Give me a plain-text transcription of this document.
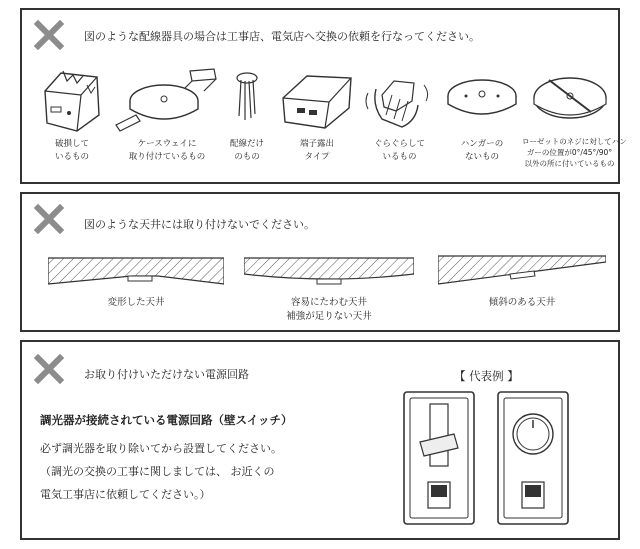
図のような配線器具の場合は工事店、電気店へ交換の依頼を行なってください。
破損して
いるもの
ケースウェイに
取り付けているもの
配線だけ
のもの
端子露出
タイプ
ぐらぐらして
いるもの
ハンガーの
ないもの
ローゼットのネジに対してハン
ガーの位置が0°/45°/90°
以外の所に付いているもの
図のような天井には取り付けないでください。
変形した天井	容易にたわむ天井
補強が足りない天井
傾斜のある天井
お取り付けいただけない電源回路
調光器が接続されている電源回路（壁スイッチ）
必ず調光器を取り除いてから設置してください。
（調光の交換の工事に関しましては、 お近くの
電気工事店に依頼してください。）
【 代表例 】
